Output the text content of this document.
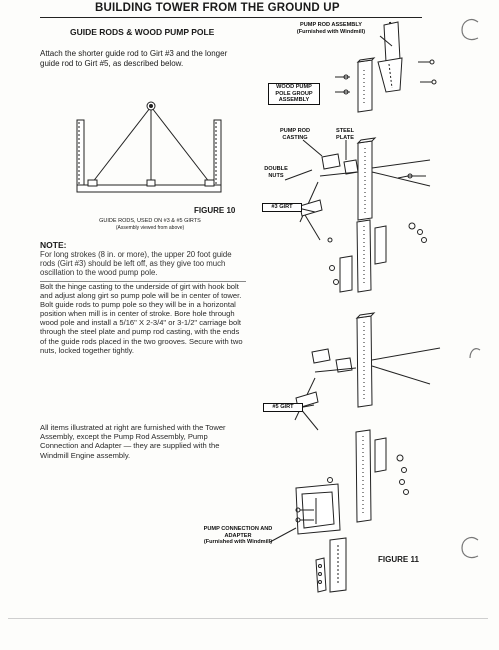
BUILDING TOWER FROM THE GROUND UP
GUIDE RODS & WOOD PUMP POLE
Attach the shorter guide rod to Girt #3 and the longer guide rod to Girt #5, as described below.
FIGURE 10
GUIDE RODS, USED ON #3 & #5 GIRTS
(Assembly viewed from above)
NOTE:
For long strokes (8 in. or more), the upper 20 foot guide rods (Girt #3) should be left off, as they give too much oscillation to the wood pump pole.
Bolt the hinge casting to the underside of girt with hook bolt and adjust along girt so pump pole will be in center of tower. Bolt guide rods to pump pole so they will be in a horizontal position when mill is in center of stroke. Bore hole through wood pole and install a 5/16" X 2-3/4" or 3-1/2" carriage bolt through the steel plate and pump rod casting, with the ends of the guide rods placed in the two grooves. Secure with two nuts, locked together tightly.
All items illustrated at right are furnished with the Tower Assembly, except the Pump Rod Assembly, Pump Connection and Adapter — they are supplied with the Windmill Engine assembly.
PUMP ROD ASSEMBLY
(Furnished with Windmill)
WOOD PUMP POLE GROUP ASSEMBLY
PUMP ROD CASTING
STEEL PLATE
DOUBLE NUTS
#3 GIRT
#5 GIRT
PUMP CONNECTION AND ADAPTER
(Furnished with Windmill)
FIGURE 11
